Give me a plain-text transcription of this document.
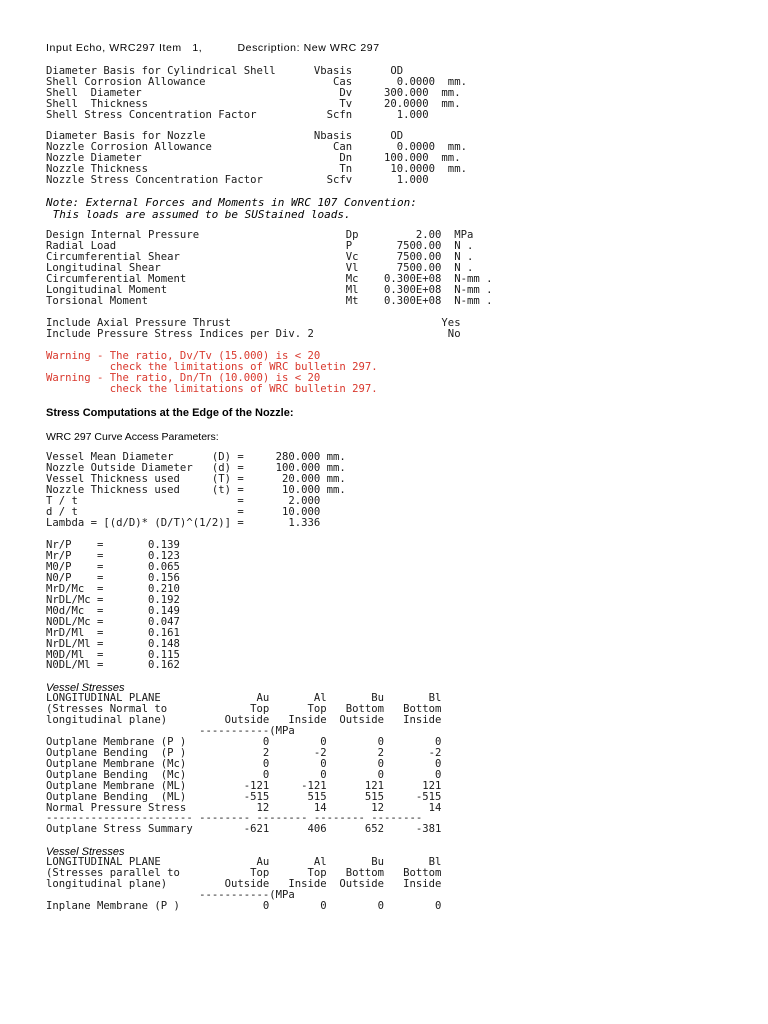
Input Echo, WRC297 Item   1,          Description: New WRC 297
Diameter Basis for Cylindrical Shell      Vbasis      OD
Shell Corrosion Allowance                    Cas       0.0000  mm.
Shell  Diameter                               Dv     300.000  mm.
Shell  Thickness                              Tv     20.0000  mm.
Shell Stress Concentration Factor           Scfn       1.000
Diameter Basis for Nozzle                 Nbasis      OD
Nozzle Corrosion Allowance                   Can       0.0000  mm.
Nozzle Diameter                               Dn     100.000  mm.
Nozzle Thickness                              Tn      10.0000  mm.
Nozzle Stress Concentration Factor          Scfv       1.000
Note: External Forces and Moments in WRC 107 Convention:
This loads are assumed to be SUStained loads.
Design Internal Pressure                       Dp         2.00  MPa
Radial Load                                    P       7500.00  N .
Circumferential Shear                          Vc      7500.00  N .
Longitudinal Shear                             Vl      7500.00  N .
Circumferential Moment                         Mc    0.300E+08  N-mm .
Longitudinal Moment                            Ml    0.300E+08  N-mm .
Torsional Moment                               Mt    0.300E+08  N-mm .
Include Axial Pressure Thrust                                 Yes
Include Pressure Stress Indices per Div. 2                     No
Warning - The ratio, Dv/Tv (15.000) is < 20
check the limitations of WRC bulletin 297.
Warning - The ratio, Dn/Tn (10.000) is < 20
check the limitations of WRC bulletin 297.
Stress Computations at the Edge of the Nozzle:
WRC 297 Curve Access Parameters:
Vessel Mean Diameter      (D) =     280.000 mm.
Nozzle Outside Diameter   (d) =     100.000 mm.
Vessel Thickness used     (T) =      20.000 mm.
Nozzle Thickness used     (t) =      10.000 mm.
T / t                         =       2.000
d / t                         =      10.000
Lambda = [(d/D)* (D/T)^(1/2)] =       1.336
Nr/P    =       0.139
Mr/P    =       0.123
M0/P    =       0.065
N0/P    =       0.156
MrD/Mc  =       0.210
NrDL/Mc =       0.192
M0d/Mc  =       0.149
N0DL/Mc =       0.047
MrD/Ml  =       0.161
NrDL/Ml =       0.148
M0D/Ml  =       0.115
N0DL/Ml =       0.162
Vessel Stresses
LONGITUDINAL PLANE               Au       Al       Bu       Bl
(Stresses Normal to             Top      Top   Bottom   Bottom
longitudinal plane)         Outside   Inside  Outside   Inside
-----------(MPa
Outplane Membrane (P )            0        0        0        0
Outplane Bending  (P )            2       -2        2       -2
Outplane Membrane (Mc)            0        0        0        0
Outplane Bending  (Mc)            0        0        0        0
Outplane Membrane (ML)         -121     -121      121      121
Outplane Bending  (ML)         -515      515      515     -515
Normal Pressure Stress           12       14       12       14
----------------------- -------- -------- -------- --------
Outplane Stress Summary        -621      406      652     -381
Vessel Stresses
LONGITUDINAL PLANE               Au       Al       Bu       Bl
(Stresses parallel to           Top      Top   Bottom   Bottom
longitudinal plane)         Outside   Inside  Outside   Inside
-----------(MPa
Inplane Membrane (P )             0        0        0        0
